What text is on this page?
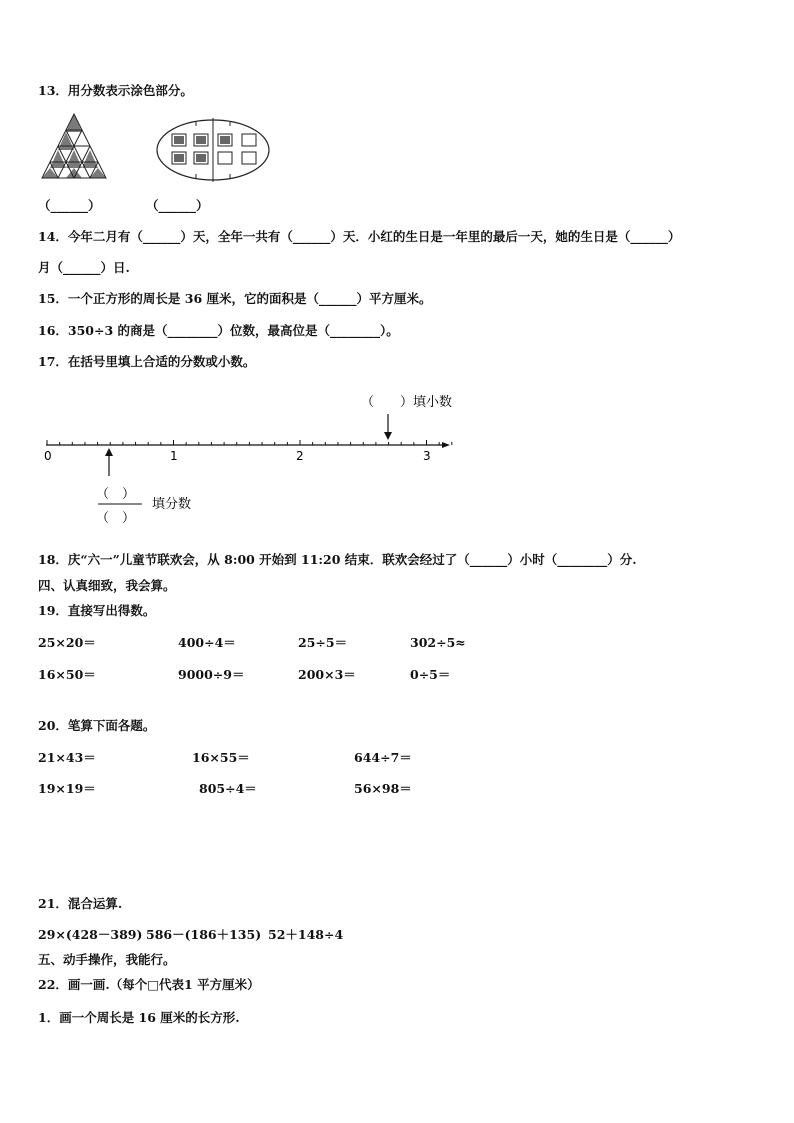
13．用分数表示涂色部分。
（______）	（______）
14．今年二月有（______）天，全年一共有（______）天．小红的生日是一年里的最后一天，她的生日是（______）
月（______）日.
15．一个正方形的周长是 36 厘米，它的面积是（______）平方厘米。
16．350÷3 的商是（________）位数，最高位是（________）。
17．在括号里填上合适的分数或小数。
（　　）填小数
0	1	2	3
（　）
（　）
填分数
18．庆“六一”儿童节联欢会，从 8:00 开始到 11:20 结束．联欢会经过了（______）小时（________）分.
四、认真细致，我会算。
19．直接写出得数。
25×20＝	400÷4＝	25÷5＝	302÷5≈
16×50＝	9000÷9＝	200×3＝	0÷5＝
20．笔算下面各题。
21×43＝	16×55＝	644÷7＝
19×19＝	805÷4＝	56×98＝
21．混合运算.
29×(428－389) 586－(186＋135) 52＋148÷4
五、动手操作，我能行。
22．画一画.（每个□代表1 平方厘米）
1．画一个周长是 16 厘米的长方形.
